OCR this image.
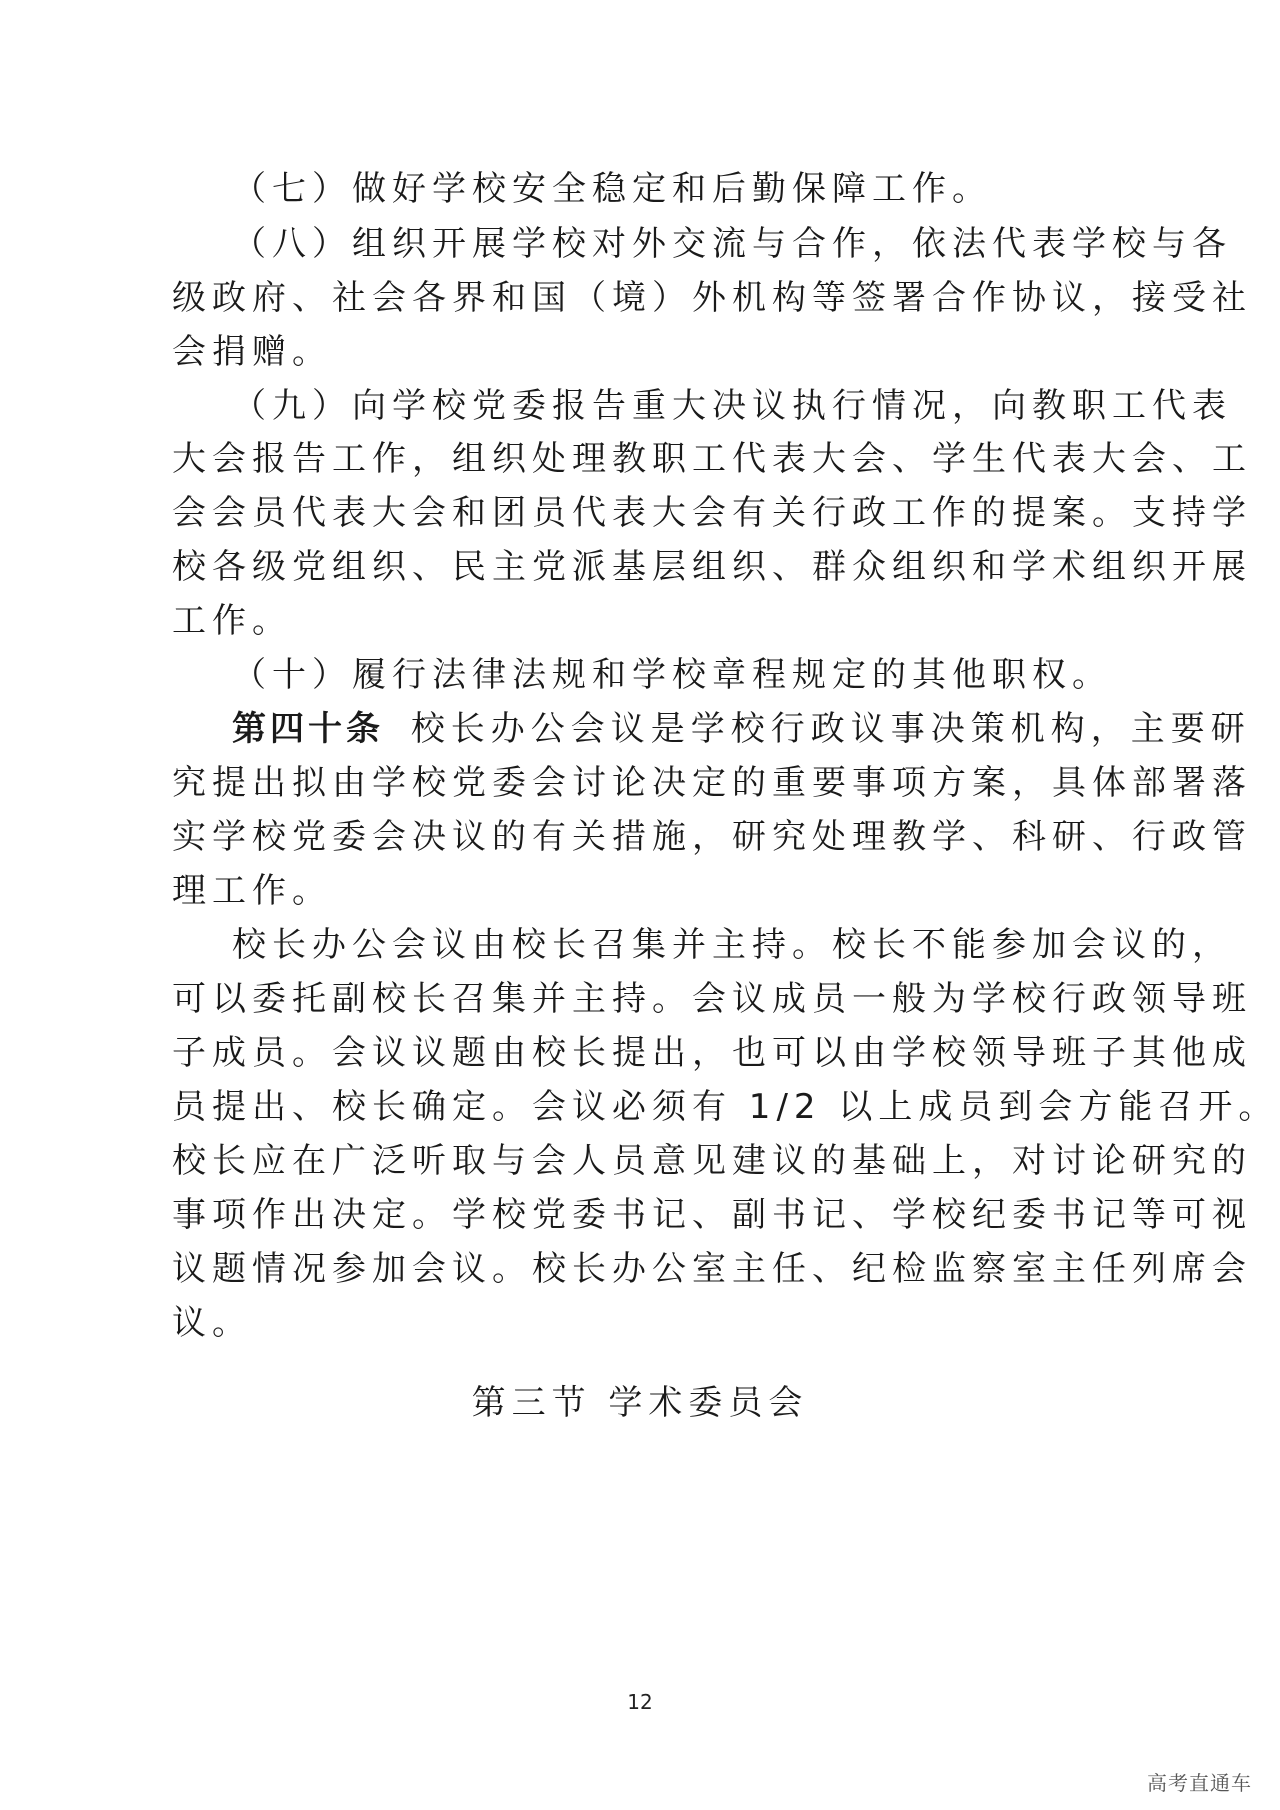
（七）做好学校安全稳定和后勤保障工作。
（八）组织开展学校对外交流与合作，依法代表学校与各
级政府、社会各界和国（境）外机构等签署合作协议，接受社
会捐赠。
（九）向学校党委报告重大决议执行情况，向教职工代表
大会报告工作，组织处理教职工代表大会、学生代表大会、工
会会员代表大会和团员代表大会有关行政工作的提案。支持学
校各级党组织、民主党派基层组织、群众组织和学术组织开展
工作。
（十）履行法律法规和学校章程规定的其他职权。
第四十条 校长办公会议是学校行政议事决策机构，主要研
究提出拟由学校党委会讨论决定的重要事项方案，具体部署落
实学校党委会决议的有关措施，研究处理教学、科研、行政管
理工作。
校长办公会议由校长召集并主持。校长不能参加会议的，
可以委托副校长召集并主持。会议成员一般为学校行政领导班
子成员。会议议题由校长提出，也可以由学校领导班子其他成
员提出、校长确定。会议必须有 1/2 以上成员到会方能召开。
校长应在广泛听取与会人员意见建议的基础上，对讨论研究的
事项作出决定。学校党委书记、副书记、学校纪委书记等可视
议题情况参加会议。校长办公室主任、纪检监察室主任列席会
议。
第三节 学术委员会
12
高考直通车
